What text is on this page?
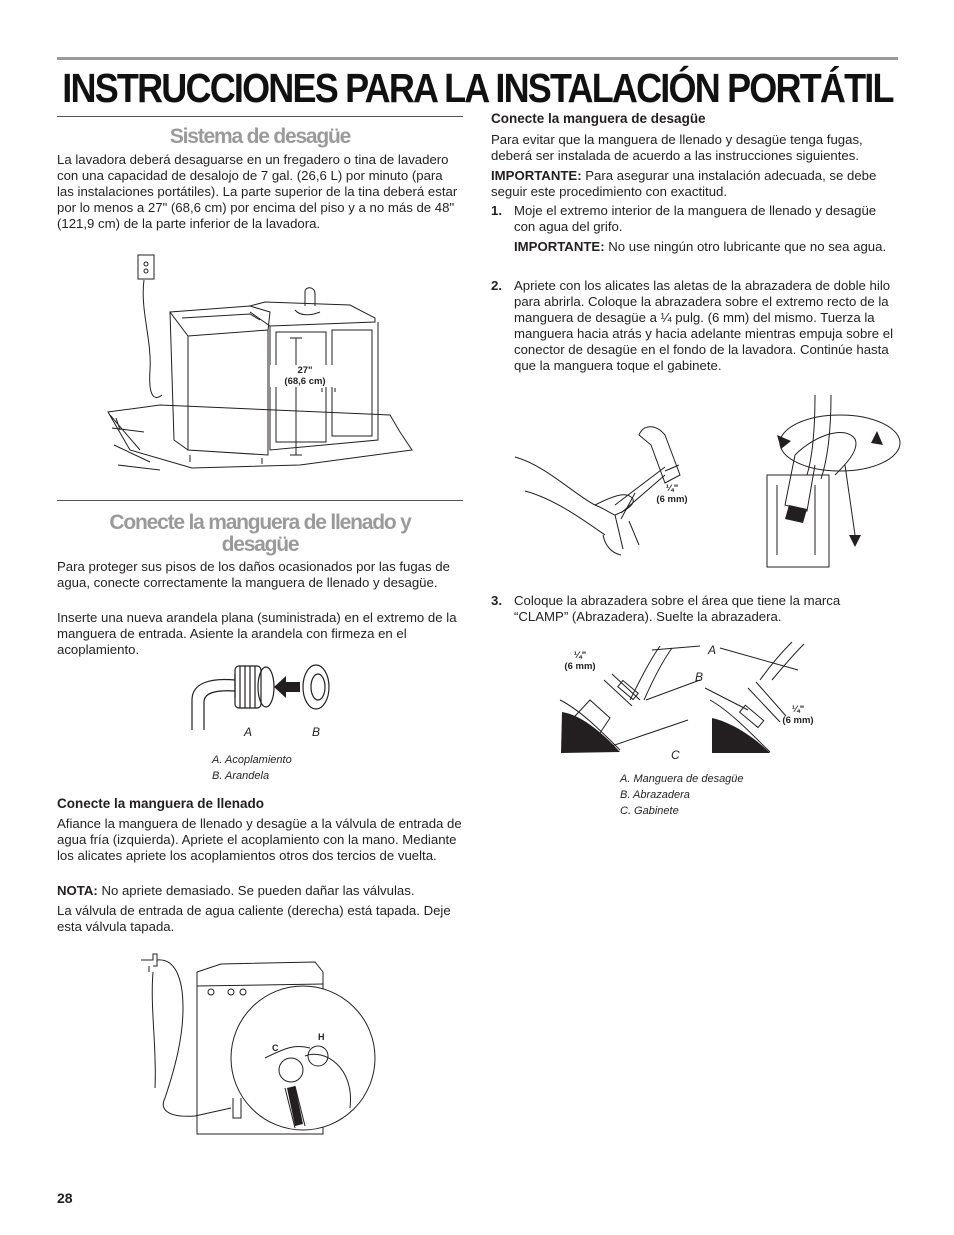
INSTRUCCIONES PARA LA INSTALACIÓN PORTÁTIL
Sistema de desagüe

La lavadora deberá desaguarse en un fregadero o tina de lavadero con una capacidad de desalojo de 7 gal. (26,6 L) por minuto (para las instalaciones portátiles). La parte superior de la tina deberá estar por lo menos a 27" (68,6 cm) por encima del piso y a no más de 48" (121,9 cm) de la parte inferior de la lavadora.

27"
(68,6 cm)
Conecte la manguera de llenado y
desagüe

Para proteger sus pisos de los daños ocasionados por las fugas de agua, conecte correctamente la manguera de llenado y desagüe.

Inserte una nueva arandela plana (suministrada) en el extremo de la manguera de entrada. Asiente la arandela con firmeza en el acoplamiento.

A	B
A. Acoplamiento
B. Arandela
Conecte la manguera de llenado

Afiance la manguera de llenado y desagüe a la válvula de entrada de agua fría (izquierda). Apriete el acoplamiento con la mano. Mediante los alicates apriete los acoplamientos otros dos tercios de vuelta.

NOTA: No apriete demasiado. Se pueden dañar las válvulas.

La válvula de entrada de agua caliente (derecha) está tapada. Deje esta válvula tapada.

C
H
Conecte la manguera de desagüe

Para evitar que la manguera de llenado y desagüe tenga fugas, deberá ser instalada de acuerdo a las instrucciones siguientes.

IMPORTANTE: Para asegurar una instalación adecuada, se debe seguir este procedimiento con exactitud.

1. Moje el extremo interior de la manguera de llenado y desagüe con agua del grifo.

IMPORTANTE: No use ningún otro lubricante que no sea agua.

2. Apriete con los alicates las aletas de la abrazadera de doble hilo para abrirla. Coloque la abrazadera sobre el extremo recto de la manguera de desagüe a ¼ pulg. (6 mm) del mismo. Tuerza la manguera hacia atrás y hacia adelante mientras empuja sobre el conector de desagüe en el fondo de la lavadora. Continúe hasta que la manguera toque el gabinete.

¼"
(6 mm)
3. Coloque la abrazadera sobre el área que tiene la marca “CLAMP” (Abrazadera). Suelte la abrazadera.

A
B
C
¼"
(6 mm)
¼"
(6 mm)
A. Manguera de desagüe
B. Abrazadera
C. Gabinete
28
